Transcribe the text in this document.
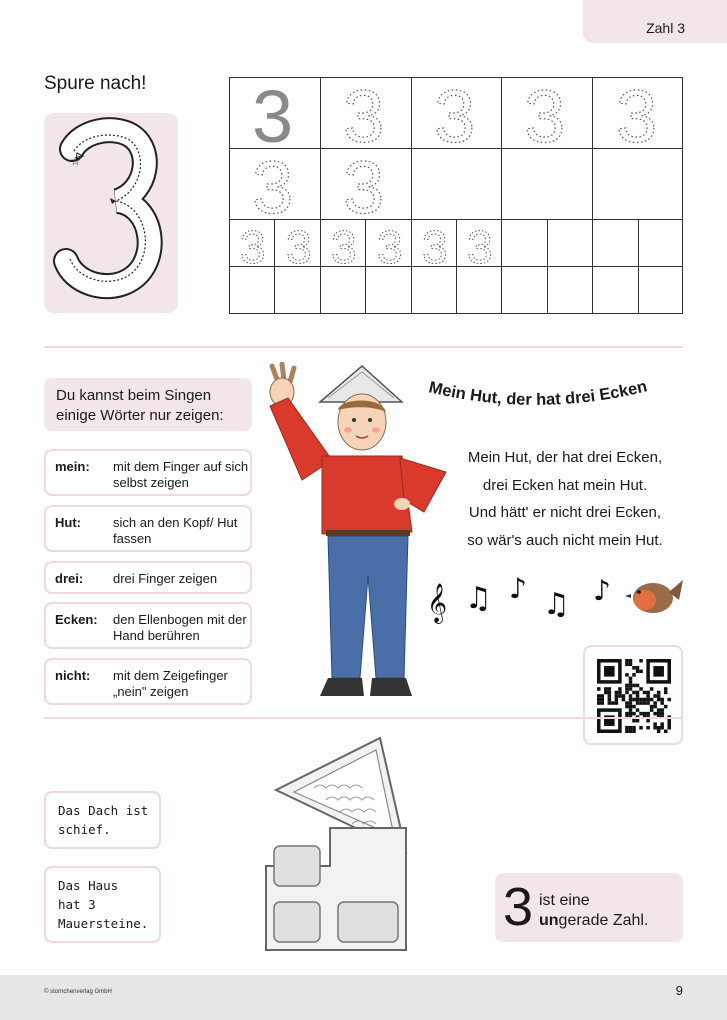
Zahl 3
Spure nach!
☆
3 3 3 3 3
3 3
3 3 3 3 3 3
Du kannst beim Singen einige Wörter nur zeigen:
mein: mit dem Finger auf sich selbst zeigen
Hut: sich an den Kopf/ Hut fassen
drei: drei Finger zeigen
Ecken: den Ellenbogen mit der Hand berühren
nicht: mit dem Zeigefinger „nein" zeigen
Mein Hut, der hat drei Ecken
Mein Hut, der hat drei Ecken,
drei Ecken hat mein Hut.
Und hätt' er nicht drei Ecken,
so wär's auch nicht mein Hut.
𝄞 ♫ ♪ ♫ ♪
Das Dach ist schief.
Das Haus hat 3 Mauersteine.	3 ist eine
ungerade Zahl.
© stornchenverlag GmbH	9
